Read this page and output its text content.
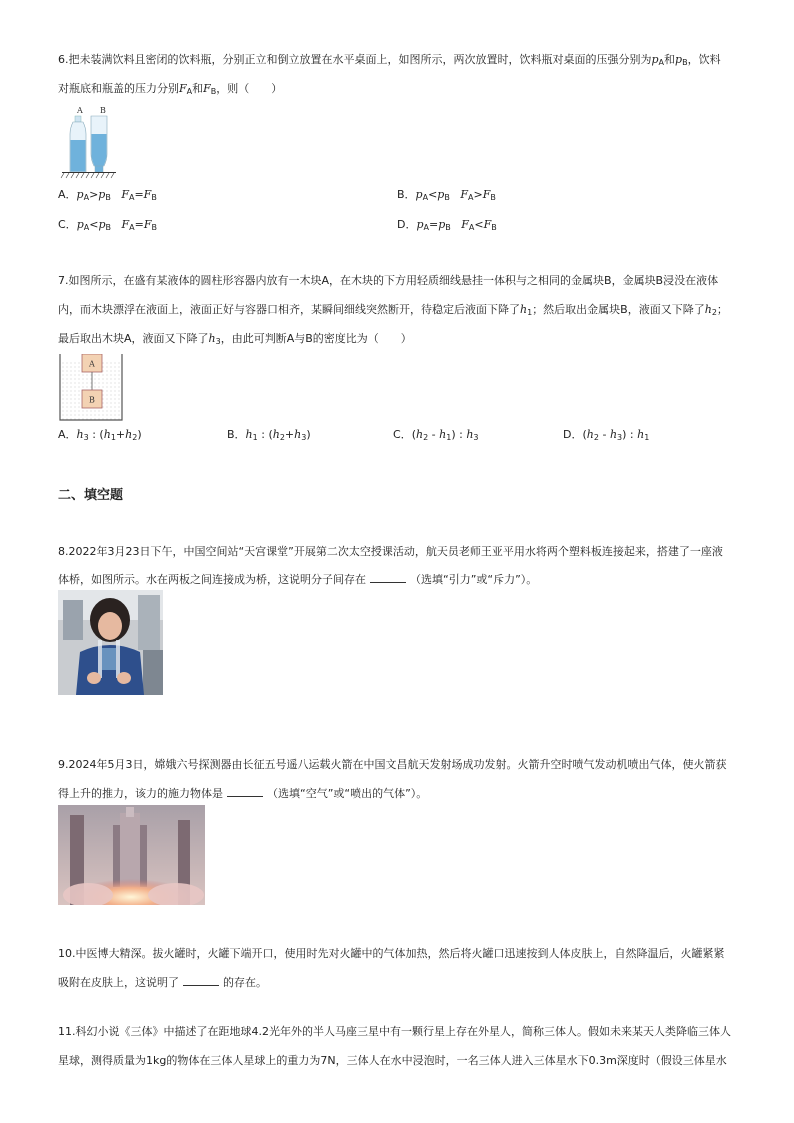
6.把未装满饮料且密闭的饮料瓶，分别正立和倒立放置在水平桌面上，如图所示，两次放置时，饮料瓶对桌面的压强分别为$p_A$和$p_B$，饮料
对瓶底和瓶盖的压力分别$F_A$和$F_B$，则（　　）
A B
A．$p_A>p_B$ $F_A=F_B$	B．$p_A<p_B$ $F_A>F_B$
C．$p_A<p_B$ $F_A=F_B$	D．$p_A=p_B$ $F_A<F_B$
7.如图所示，在盛有某液体的圆柱形容器内放有一木块A，在木块的下方用轻质细线悬挂一体积与之相同的金属块B，金属块B浸没在液体
内，而木块漂浮在液面上，液面正好与容器口相齐，某瞬间细线突然断开，待稳定后液面下降了$h_1$；然后取出金属块B，液面又下降了$h_2$；
最后取出木块A，液面又下降了$h_3$，由此可判断A与B的密度比为（　　）
A
B
A．$h_3$ : $(h_1+h_2)$	B．$h_1$ : $(h_2+h_3)$	C．$(h_2 - h_1)$ : $h_3$	D．$(h_2 - h_3)$ : $h_1$
二、填空题
8.2022年3月23日下午，中国空间站“天宫课堂”开展第二次太空授课活动，航天员老师王亚平用水将两个塑料板连接起来，搭建了一座液
体桥，如图所示。水在两板之间连接成为桥，这说明分子间存在	（选填“引力”或“斥力”）。
9.2024年5月3日，嫦娥六号探测器由长征五号遥八运载火箭在中国文昌航天发射场成功发射。火箭升空时喷气发动机喷出气体，使火箭获
得上升的推力，该力的施力物体是	（选填“空气”或“喷出的气体”）。
10.中医博大精深。拔火罐时，火罐下端开口，使用时先对火罐中的气体加热，然后将火罐口迅速按到人体皮肤上，自然降温后，火罐紧紧
吸附在皮肤上，这说明了	的存在。
11.科幻小说《三体》中描述了在距地球4.2光年外的半人马座三星中有一颗行星上存在外星人，简称三体人。假如未来某天人类降临三体人
星球，测得质量为1kg的物体在三体人星球上的重力为7N，三体人在水中浸泡时，一名三体人进入三体星水下0.3m深度时（假设三体星水
